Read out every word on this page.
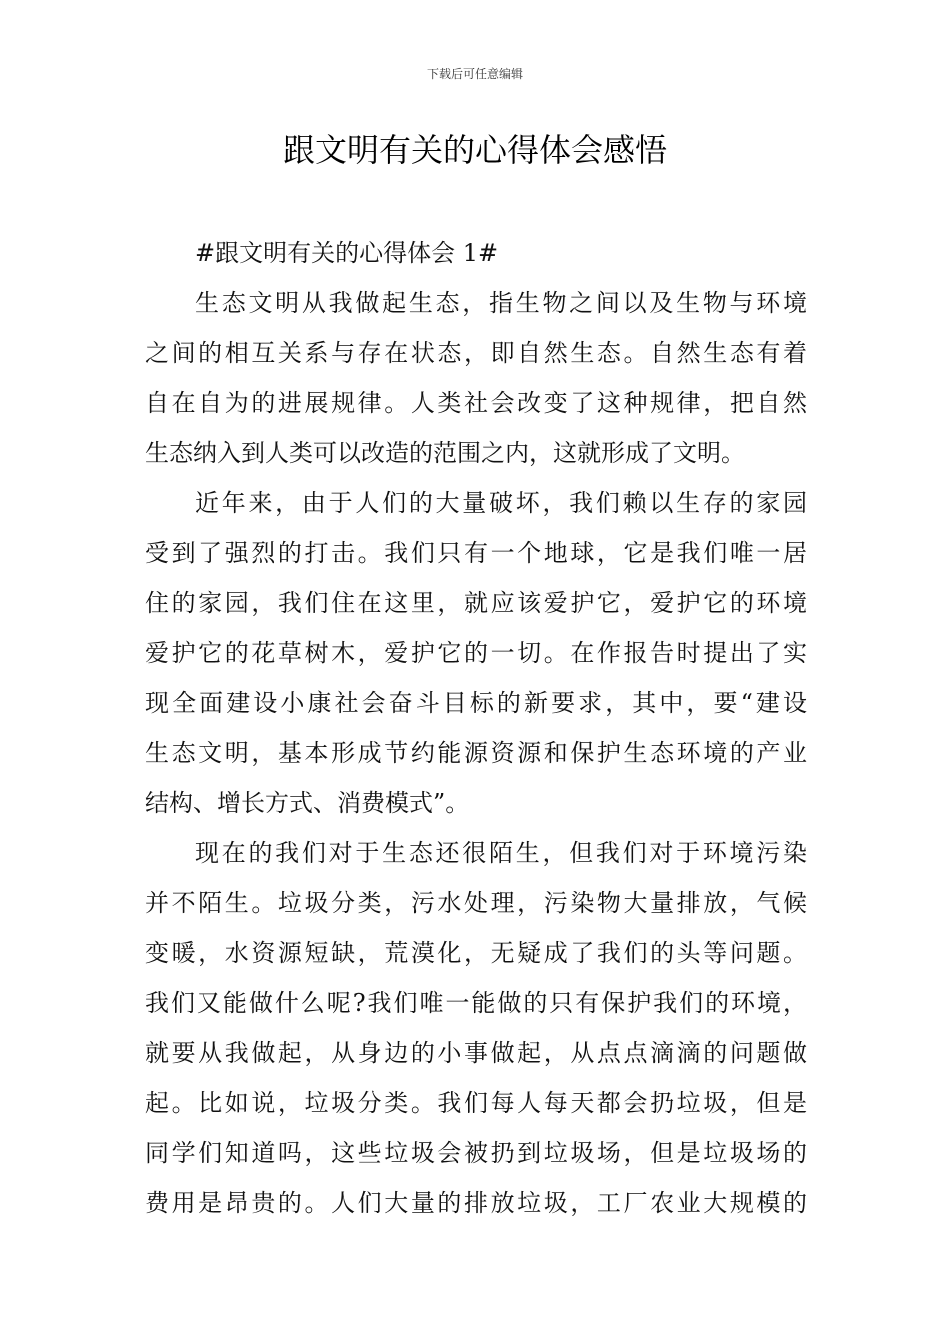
下载后可任意编辑
跟文明有关的心得体会感悟
#跟文明有关的心得体会 1#
生态文明从我做起生态，指生物之间以及生物与环境
之间的相互关系与存在状态，即自然生态。自然生态有着
自在自为的进展规律。人类社会改变了这种规律，把自然
生态纳入到人类可以改造的范围之内，这就形成了文明。
近年来，由于人们的大量破坏，我们赖以生存的家园
受到了强烈的打击。我们只有一个地球，它是我们唯一居
住的家园，我们住在这里，就应该爱护它，爱护它的环境
爱护它的花草树木，爱护它的一切。在作报告时提出了实
现全面建设小康社会奋斗目标的新要求，其中，要“建设
生态文明，基本形成节约能源资源和保护生态环境的产业
结构、增长方式、消费模式”。
现在的我们对于生态还很陌生，但我们对于环境污染
并不陌生。垃圾分类，污水处理，污染物大量排放，气候
变暖，水资源短缺，荒漠化，无疑成了我们的头等问题。
我们又能做什么呢?我们唯一能做的只有保护我们的环境，
就要从我做起，从身边的小事做起，从点点滴滴的问题做
起。比如说，垃圾分类。我们每人每天都会扔垃圾，但是
同学们知道吗，这些垃圾会被扔到垃圾场，但是垃圾场的
费用是昂贵的。人们大量的排放垃圾，工厂农业大规模的
